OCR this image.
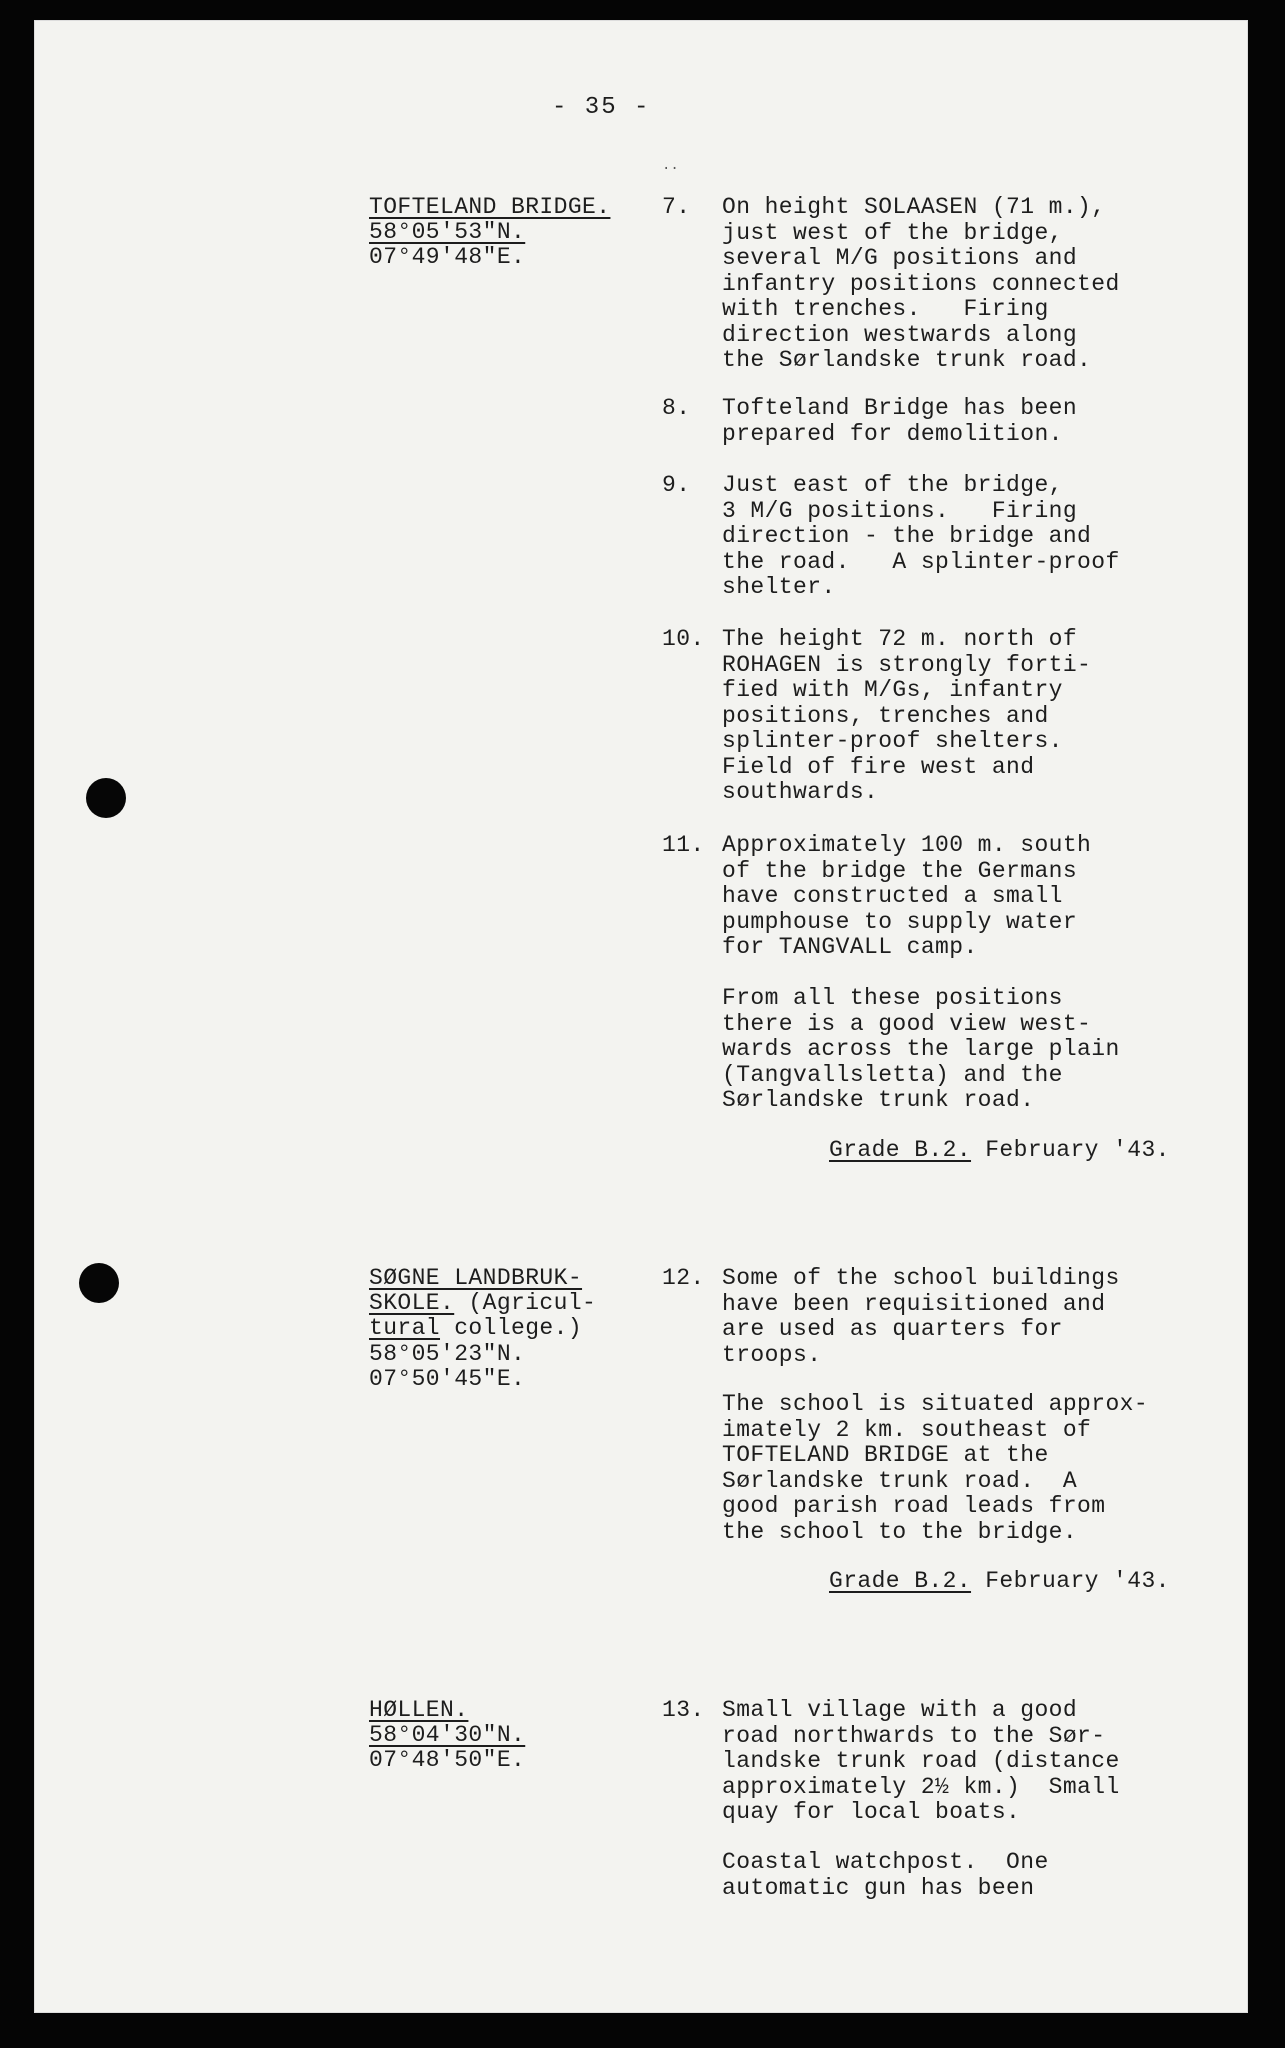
- 35 -
..
TOFTELAND BRIDGE.
58°05'53"N.
07°49'48"E.
7. On height SOLAASEN (71 m.),
just west of the bridge,
several M/G positions and
infantry positions connected
with trenches.   Firing
direction westwards along
the Sørlandske trunk road.
8. Tofteland Bridge has been
prepared for demolition.
9. Just east of the bridge,
3 M/G positions.   Firing
direction - the bridge and
the road.   A splinter-proof
shelter.
10. The height 72 m. north of
ROHAGEN is strongly forti-
fied with M/Gs, infantry
positions, trenches and
splinter-proof shelters.
Field of fire west and
southwards.
11. Approximately 100 m. south
of the bridge the Germans
have constructed a small
pumphouse to supply water
for TANGVALL camp.
From all these positions
there is a good view west-
wards across the large plain
(Tangvallsletta) and the
Sørlandske trunk road.
Grade B.2. February '43.
SØGNE LANDBRUK-
SKOLE. (Agricul-
tural college.)
58°05'23"N.
07°50'45"E.
12. Some of the school buildings
have been requisitioned and
are used as quarters for
troops.
The school is situated approx-
imately 2 km. southeast of
TOFTELAND BRIDGE at the
Sørlandske trunk road.  A
good parish road leads from
the school to the bridge.
Grade B.2. February '43.
HØLLEN.
58°04'30"N.
07°48'50"E.
13. Small village with a good
road northwards to the Sør-
landske trunk road (distance
approximately 2½ km.)  Small
quay for local boats.
Coastal watchpost.  One
automatic gun has been
